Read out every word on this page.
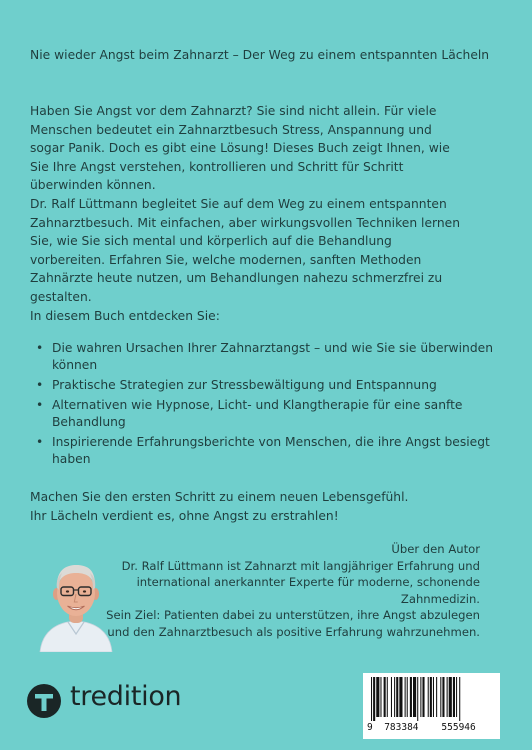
Nie wieder Angst beim Zahnarzt – Der Weg zu einem entspannten Lächeln
Haben Sie Angst vor dem Zahnarzt? Sie sind nicht allein. Für viele
Menschen bedeutet ein Zahnarztbesuch Stress, Anspannung und
sogar Panik. Doch es gibt eine Lösung! Dieses Buch zeigt Ihnen, wie
Sie Ihre Angst verstehen, kontrollieren und Schritt für Schritt
überwinden können.
Dr. Ralf Lüttmann begleitet Sie auf dem Weg zu einem entspannten
Zahnarztbesuch. Mit einfachen, aber wirkungsvollen Techniken lernen
Sie, wie Sie sich mental und körperlich auf die Behandlung
vorbereiten. Erfahren Sie, welche modernen, sanften Methoden
Zahnärzte heute nutzen, um Behandlungen nahezu schmerzfrei zu
gestalten.
In diesem Buch entdecken Sie:
• Die wahren Ursachen Ihrer Zahnarztangst – und wie Sie sie überwinden können
• Praktische Strategien zur Stressbewältigung und Entspannung
• Alternativen wie Hypnose, Licht- und Klangtherapie für eine sanfte Behandlung
• Inspirierende Erfahrungsberichte von Menschen, die ihre Angst besiegt haben
Machen Sie den ersten Schritt zu einem neuen Lebensgefühl.
Ihr Lächeln verdient es, ohne Angst zu erstrahlen!
Über den Autor
Dr. Ralf Lüttmann ist Zahnarzt mit langjähriger Erfahrung und
international anerkannter Experte für moderne, schonende
Zahnmedizin.
Sein Ziel: Patienten dabei zu unterstützen, ihre Angst abzulegen
und den Zahnarztbesuch als positive Erfahrung wahrzunehmen.
tredition
9 783384 555946
